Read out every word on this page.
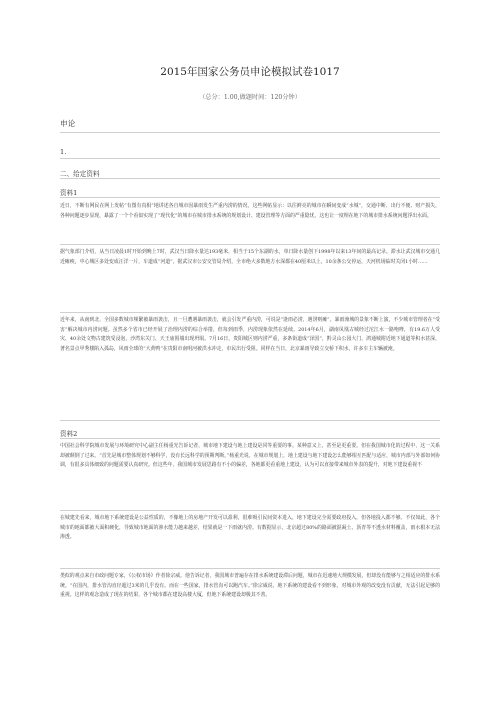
2015年国家公务员申论模拟试卷1017
（总分：1.00,做题时间：120分钟）
申论
1.
二、给定资料
资料1
近日，不断有网民在网上发帖“有图有真相”地讲述各自城市因暴雨发生严重内涝的情况，这些网帖显示：以往鲜亮的城市在瞬间变成“水城”，交通中断、出行不便、财产损失，各种问题逐步显现，暴露了一个个看似实现了“现代化”的城市在城市排水系统的规划设计、建设管理等方面的严重隐忧，这也让一度埋在地下的城市排水系统问题浮出水面。
据气象部门介绍，从当日凌晨1时开始到晚上7时，武汉当日降水量达193毫米，相当于15个东湖的水，单日降水量创下1998年以来13年间的最高记录。滞水让武汉城市交通几近瘫痪，中心城区多处变成汪洋一片，车道成“河道”，据武汉市公安交管局介绍，全市绝大多数地方水深都在40厘米以上，10余条公交停运，天河机场临时关闭1小时……
近年来，从南到北，全国多数城市频繁被暴雨袭击，且一旦遭遇暴雨袭击，就会引发严重内涝，可说是“逢雨必涝，遇涝则瘫”。暴雨淹城的景象不断上演，不少城市管理者在“受害”解决城市内涝问题。虽然多个省市已经开展了治理内涝的综合举措，但每到雨季，内涝现象依然在延续。2014年6月，湖南凤凰古城经过沱江水一路咆哮，有19.6万人受灾、40余处文物古建筑受浸泡，沙湾东关门、天王庙围墙出现坍塌。7月16日，贵阳城区则内涝严重，多条街道成“泽国”，黔灵山公园大门、鸿通城附近地下通道等积水甚深，著名景点甲秀楼陷入孤岛，风雨全球的“大黄鸭”在贵阳市南明河被洪水冲走，市民出行受阻。同样在当日，北京暴雨导致立交桥下积水，许多车主车辆被淹。
资料2
中国社会科学院城市发展与环境研究中心副主任杨重光告诉记者，城市地下建设与地上建设是同等重要的事。某种意义上，甚至是更重要。但在我国城市化的过程中，这一关系却被颠倒了过来。“首先是城市整体规划不够科学，没有长远科学的预期判断。”杨重光说，在城市规划上，地上建设与地下建设怎么能够相互匹配与适应，城市内部与外部如何协调，有很多具体细致的问题需要认真研究。但这些年，我国城市发展思路有不小的偏差，各地都更看重地上建设，认为可以直接带来城市外表的提升，对地下建设重视不
在城建先看来，城市地下系统建设是公益性质的，不像地上的房地产开发可以盈利，很难吸引民间资本进入，地下建设完全需要政府投入，但各地投入都不够。不仅如此，各个城市的地面都被大面积硬化，导致城市地面的渗水能力越来越差，结果就是一下雨就内涝。有数据显示，北京超过80%的路面被混凝土、沥青等不透水材料覆盖，雨水根本无法渗透。
类似的观点来自市政问题专家，《公权市场》作者徐宗威。他告诉记者，我国城市普遍存在排水系统建设滞后问题，城市在迅速地大规模发展，但却没有能够与之相适应的排水系统。“在国内，排水管沟直径超过3米的几乎没有。而在一些国家，排水管沟可以跑汽车。”徐宗威说，地下系统的建设看不到形象，对城市外观的改变没有贡献，无法引起足够的重视。这样的观念造成了现在的结果，各个城市都在建设高楼大厦，但地下系统建设却极其不善。
